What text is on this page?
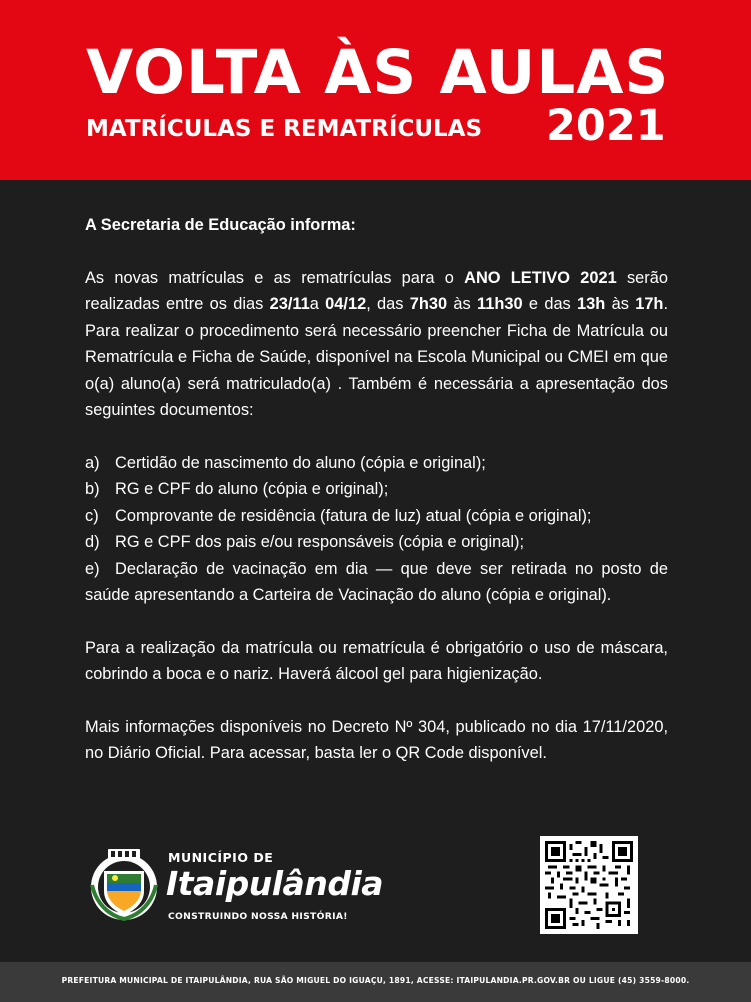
VOLTA ÀS AULAS
MATRÍCULAS E REMATRÍCULAS 2021
A Secretaria de Educação informa:
As novas matrículas e as rematrículas para o ANO LETIVO 2021 serão realizadas entre os dias 23/11a 04/12, das 7h30 às 11h30 e das 13h às 17h. Para realizar o procedimento será necessário preencher Ficha de Matrícula ou Rematrícula e Ficha de Saúde, disponível na Escola Municipal ou CMEI em que o(a) aluno(a) será matriculado(a) . Também é necessária a apresentação dos seguintes documentos:
a) Certidão de nascimento do aluno (cópia e original);
b) RG e CPF do aluno (cópia e original);
c) Comprovante de residência (fatura de luz) atual (cópia e original);
d) RG e CPF dos pais e/ou responsáveis (cópia e original);
e) Declaração de vacinação em dia — que deve ser retirada no posto de saúde apresentando a Carteira de Vacinação do aluno (cópia e original).
Para a realização da matrícula ou rematrícula é obrigatório o uso de máscara, cobrindo a boca e o nariz. Haverá álcool gel para higienização.
Mais informações disponíveis no Decreto Nº 304, publicado no dia 17/11/2020, no Diário Oficial. Para acessar, basta ler o QR Code disponível.
MUNICÍPIO DE
Itaipulândia
CONSTRUINDO NOSSA HISTÓRIA!
PREFEITURA MUNICIPAL DE ITAIPULÂNDIA, RUA SÃO MIGUEL DO IGUAÇU, 1891, ACESSE: ITAIPULANDIA.PR.GOV.BR OU LIGUE (45) 3559-8000.
